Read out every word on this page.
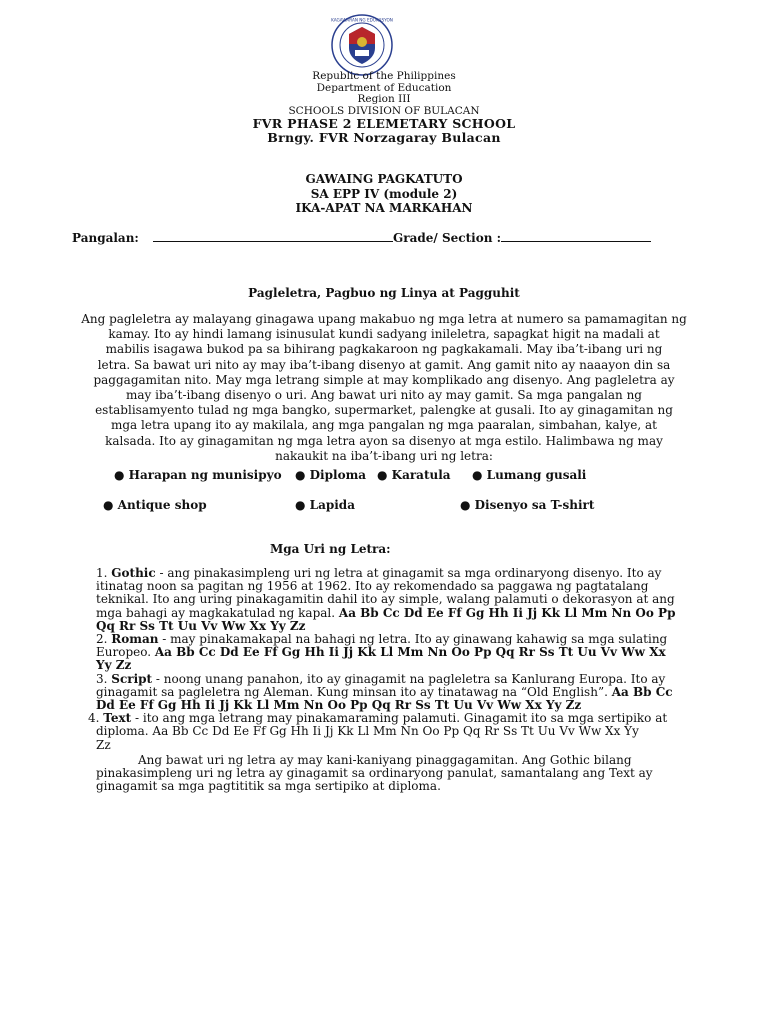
KAGAWARAN NG EDUKASYON
Republic of the Philippines
Department of Education
Region III
SCHOOLS DIVISION OF BULACAN
FVR PHASE 2 ELEMETARY SCHOOL
Brngy. FVR Norzagaray Bulacan
GAWAING PAGKATUTO
SA EPP IV (module 2)
IKA-APAT NA MARKAHAN
Pangalan:	Grade/ Section :
Pagleletra, Pagbuo ng Linya at Pagguhit
Ang pagleletra ay malayang ginagawa upang makabuo ng mga letra at numero sa pamamagitan ng
kamay. Ito ay hindi lamang isinusulat kundi sadyang inileletra, sapagkat higit na madali at
mabilis isagawa bukod pa sa bihirang pagkakaroon ng pagkakamali. May iba’t-ibang uri ng
letra. Sa bawat uri nito ay may iba’t-ibang disenyo at gamit. Ang gamit nito ay naaayon din sa
paggagamitan nito. May mga letrang simple at may komplikado ang disenyo. Ang pagleletra ay
may iba’t-ibang disenyo o uri. Ang bawat uri nito ay may gamit. Sa mga pangalan ng
establisamyento tulad ng mga bangko, supermarket, palengke at gusali. Ito ay ginagamitan ng
mga letra upang ito ay makilala, ang mga pangalan ng mga paaralan, simbahan, kalye, at
kalsada. Ito ay ginagamitan ng mga letra ayon sa disenyo at mga estilo. Halimbawa ng may
nakaukit na iba’t-ibang uri ng letra:
● Harapan ng munisipyo ● Diploma ● Karatula ● Lumang gusali
● Antique shop	● Lapida	● Disenyo sa T-shirt
Mga Uri ng Letra:
1. Gothic - ang pinakasimpleng uri ng letra at ginagamit sa mga ordinaryong disenyo. Ito ay
itinatag noon sa pagitan ng 1956 at 1962. Ito ay rekomendado sa paggawa ng pagtatalang
teknikal. Ito ang uring pinakagamitin dahil ito ay simple, walang palamuti o dekorasyon at ang
mga bahagi ay magkakatulad ng kapal. Aa Bb Cc Dd Ee Ff Gg Hh Ii Jj Kk Ll Mm Nn Oo Pp
Qq Rr Ss Tt Uu Vv Ww Xx Yy Zz
2. Roman - may pinakamakapal na bahagi ng letra. Ito ay ginawang kahawig sa mga sulating
Europeo. Aa Bb Cc Dd Ee Ff Gg Hh Ii Jj Kk Ll Mm Nn Oo Pp Qq Rr Ss Tt Uu Vv Ww Xx
Yy Zz
3. Script - noong unang panahon, ito ay ginagamit na pagleletra sa Kanlurang Europa. Ito ay
ginagamit sa pagleletra ng Aleman. Kung minsan ito ay tinatawag na “Old English”. Aa Bb Cc
Dd Ee Ff Gg Hh Ii Jj Kk Ll Mm Nn Oo Pp Qq Rr Ss Tt Uu Vv Ww Xx Yy Zz
4. Text - ito ang mga letrang may pinakamaraming palamuti. Ginagamit ito sa mga sertipiko at
diploma. Aa Bb Cc Dd Ee Ff Gg Hh Ii Jj Kk Ll Mm Nn Oo Pp Qq Rr Ss Tt Uu Vv Ww Xx Yy
Zz
Ang bawat uri ng letra ay may kani-kaniyang pinaggagamitan. Ang Gothic bilang
pinakasimpleng uri ng letra ay ginagamit sa ordinaryong panulat, samantalang ang Text ay
ginagamit sa mga pagtititik sa mga sertipiko at diploma.
